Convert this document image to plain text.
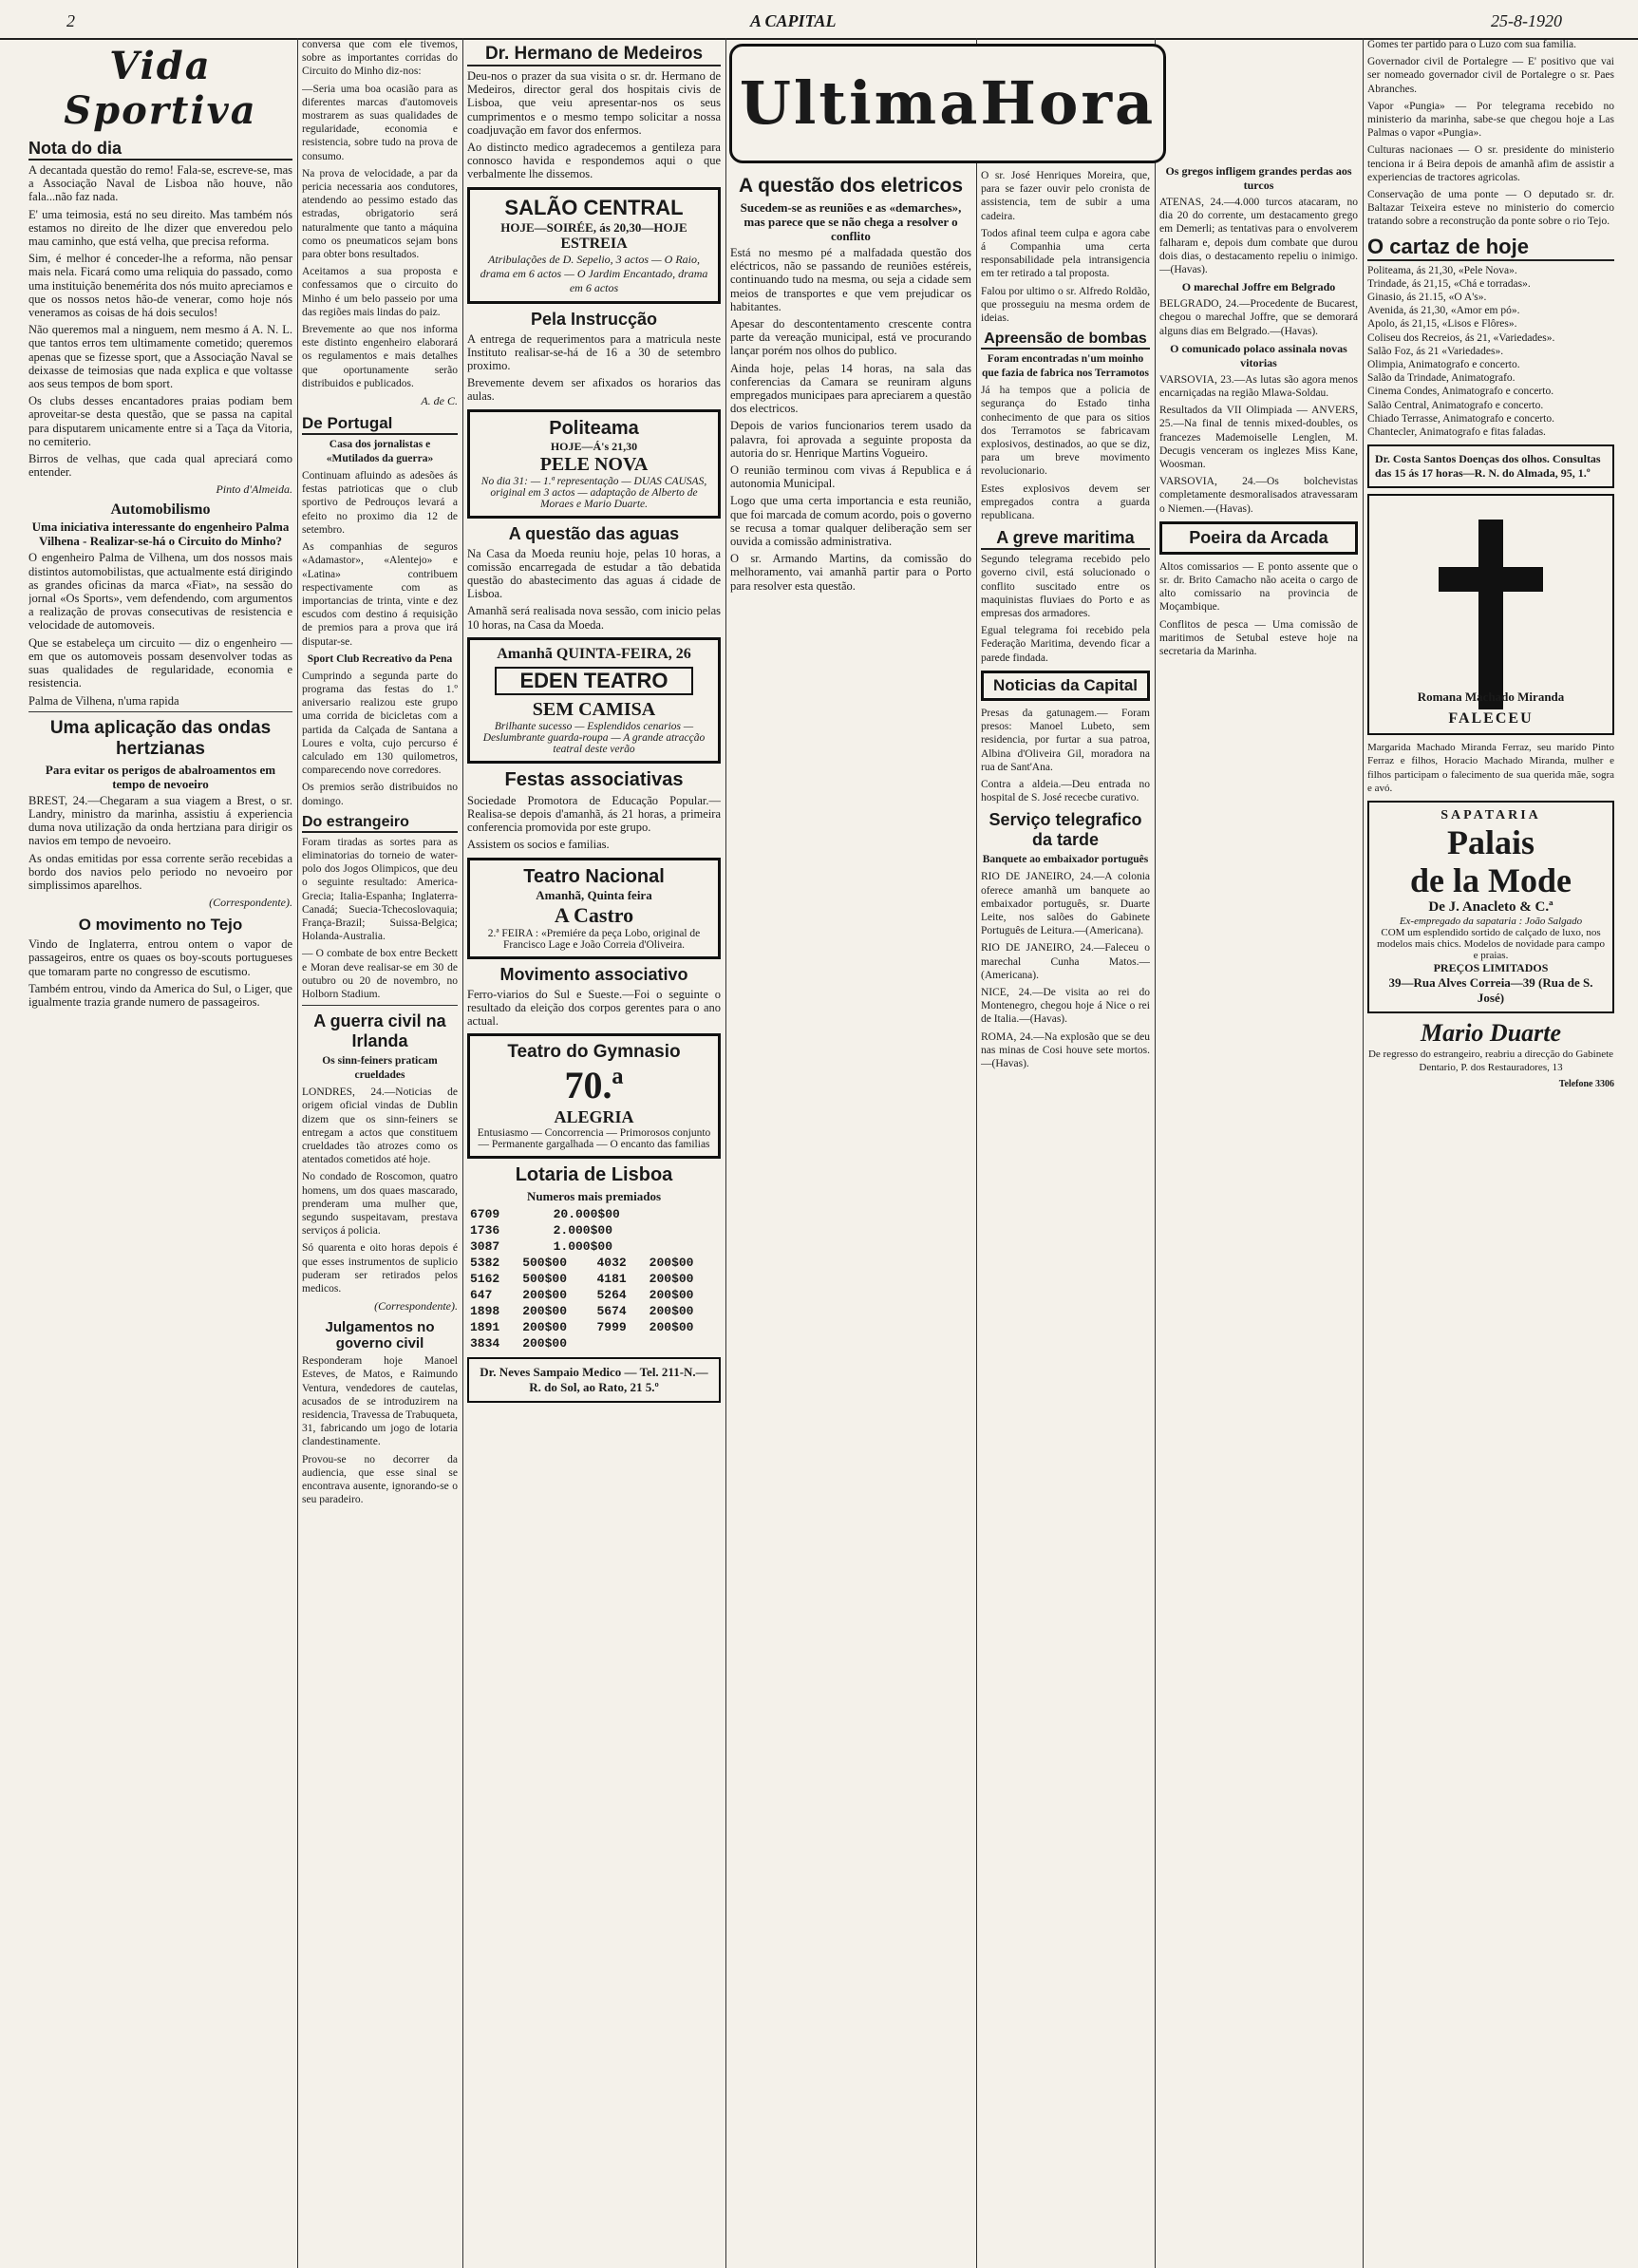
2	A CAPITAL	25-8-1920
Vida Sportiva
Nota do dia

A decantada questão do remo! Fala-se, escreve-se, mas a Associação Naval de Lisboa não houve, não fala...não faz nada.

E' uma teimosia, está no seu direito. Mas também nós estamos no direito de lhe dizer que enveredou pelo mau caminho, que está velha, que precisa reforma.

Sim, é melhor é conceder-lhe a reforma, não pensar mais nela. Ficará como uma reliquia do passado, como uma instituição benemérita dos nós muito apreciamos e que os nossos netos hão-de venerar, como hoje nós veneramos as coisas de há dois seculos!

Não queremos mal a ninguem, nem mesmo á A. N. L. que tantos erros tem ultimamente cometido; queremos apenas que se fizesse sport, que a Associação Naval se deixasse de teimosias que nada explica e que voltasse aos seus tempos de bom sport.

Os clubs desses encantadores praias podiam bem aproveitar-se desta questão, que se passa na capital para disputarem unicamente entre si a Taça da Vitoria, no cemiterio.

Birros de velhas, que cada qual apreciará como entender.

Pinto d'Almeida.
Automobilismo
Uma iniciativa interessante do engenheiro Palma Vilhena - Realizar-se-há o Circuito do Minho?

O engenheiro Palma de Vilhena, um dos nossos mais distintos automobilistas, que actualmente está dirigindo as grandes oficinas da marca «Fiat», na sessão do jornal «Os Sports», vem defendendo, com argumentos a realização de provas consecutivas de resistencia e velocidade de automoveis.

Que se estabeleça um circuito — diz o engenheiro — em que os automoveis possam desenvolver todas as suas qualidades de regularidade, economia e resistencia.

Palma de Vilhena, n'uma rapida

Uma aplicação das ondas hertzianas
Para evitar os perigos de abalroamentos em tempo de nevoeiro

BREST, 24.—Chegaram a sua viagem a Brest, o sr. Landry, ministro da marinha, assistiu á experiencia duma nova utilização da onda hertziana para dirigir os navios em tempo de nevoeiro.

As ondas emitidas por essa corrente serão recebidas a bordo dos navios pelo periodo no nevoeiro por simplissimos aparelhos.

(Correspondente).
O movimento no Tejo

Vindo de Inglaterra, entrou ontem o vapor de passageiros, entre os quaes os boy-scouts portugueses que tomaram parte no congresso de escutismo.

Também entrou, vindo da America do Sul, o Liger, que igualmente trazia grande numero de passageiros.

conversa que com ele tivemos, sobre as importantes corridas do Circuito do Minho diz-nos:

—Seria uma boa ocasião para as diferentes marcas d'automoveis mostrarem as suas qualidades de regularidade, economia e resistencia, sobre tudo na prova de consumo.

Na prova de velocidade, a par da pericia necessaria aos condutores, atendendo ao pessimo estado das estradas, obrigatorio será naturalmente que tanto a máquina como os pneumaticos sejam bons para obter bons resultados.

Aceitamos a sua proposta e confessamos que o circuito do Minho é um belo passeio por uma das regiões mais lindas do paiz.

Brevemente ao que nos informa este distinto engenheiro elaborará os regulamentos e mais detalhes que oportunamente serão distribuidos e publicados.

A. de C.
De Portugal
Casa dos jornalistas e «Mutilados da guerra»

Continuam afluindo as adesões ás festas patrioticas que o club sportivo de Pedrouços levará a efeito no proximo dia 12 de setembro.

As companhias de seguros «Adamastor», «Alentejo» e «Latina» contribuem respectivamente com as importancias de trinta, vinte e dez escudos com destino á requisição de premios para a prova que irá disputar-se.

Sport Club Recreativo da Pena

Cumprindo a segunda parte do programa das festas do 1.º aniversario realizou este grupo uma corrida de bicicletas com a partida da Calçada de Santana a Loures e volta, cujo percurso é calculado em 130 quilometros, comparecendo nove corredores.

Os premios serão distribuidos no domingo.

Do estrangeiro

Foram tiradas as sortes para as eliminatorias do torneio de water-polo dos Jogos Olimpicos, que deu o seguinte resultado: America-Grecia; Italia-Espanha; Inglaterra-Canadá; Suecia-Tchecoslovaquia; França-Brazil; Suissa-Belgica; Holanda-Australia.

— O combate de box entre Beckett e Moran deve realisar-se em 30 de outubro ou 20 de novembro, no Holborn Stadium.

A guerra civil na Irlanda
Os sinn-feiners praticam crueldades

LONDRES, 24.—Noticias de origem oficial vindas de Dublin dizem que os sinn-feiners se entregam a actos que constituem crueldades tão atrozes como os atentados cometidos até hoje.

No condado de Roscomon, quatro homens, um dos quaes mascarado, prenderam uma mulher que, segundo suspeitavam, prestava serviços á policia.

Só quarenta e oito horas depois é que esses instrumentos de suplicio puderam ser retirados pelos medicos.

(Correspondente).
Julgamentos no governo civil

Responderam hoje Manoel Esteves, de Matos, e Raimundo Ventura, vendedores de cautelas, acusados de se introduzirem na residencia, Travessa de Trabuqueta, 31, fabricando um jogo de lotaria clandestinamente.

Provou-se no decorrer da audiencia, que esse sinal se encontrava ausente, ignorando-se o seu paradeiro.

Dr. Hermano de Medeiros

Deu-nos o prazer da sua visita o sr. dr. Hermano de Medeiros, director geral dos hospitais civis de Lisboa, que veiu apresentar-nos os seus cumprimentos e o mesmo tempo solicitar a nossa coadjuvação em favor dos enfermos.

Ao distincto medico agradecemos a gentileza para connosco havida e respondemos aqui o que verbalmente lhe dissemos.

SALÃO CENTRAL
HOJE—SOIRÉE, ás 20,30—HOJE
ESTREIA
Atribulações de D. Sepelio, 3 actos — O Raio, drama em 6 actos — O Jardim Encantado, drama em 6 actos
Pela Instrucção

A entrega de requerimentos para a matricula neste Instituto realisar-se-há de 16 a 30 de setembro proximo.

Brevemente devem ser afixados os horarios das aulas.

Politeama
HOJE—Á's 21,30
PELE NOVA
No dia 31: — 1.ª representação — DUAS CAUSAS, original em 3 actos — adaptação de Alberto de Moraes e Mario Duarte.
A questão das aguas

Na Casa da Moeda reuniu hoje, pelas 10 horas, a comissão encarregada de estudar a tão debatida questão do abastecimento das aguas á cidade de Lisboa.

Amanhã será realisada nova sessão, com inicio pelas 10 horas, na Casa da Moeda.

Amanhã QUINTA-FEIRA, 26
EDEN TEATRO
SEM CAMISA
Brilhante sucesso — Esplendidos cenarios — Deslumbrante guarda-roupa — A grande atracção teatral deste verão
Festas associativas

Sociedade Promotora de Educação Popular.—Realisa-se depois d'amanhã, ás 21 horas, a primeira conferencia promovida por este grupo.

Assistem os socios e familias.

Teatro Nacional
Amanhã, Quinta feira
A Castro
2.ª FEIRA : «Premiére da peça Lobo, original de Francisco Lage e João Correia d'Oliveira.
Movimento associativo

Ferro-viarios do Sul e Sueste.—Foi o seguinte o resultado da eleição dos corpos gerentes para o ano actual.

Teatro do Gymnasio
70.ª
ALEGRIA
Entusiasmo — Concorrencia — Primorosos conjunto — Permanente gargalhada — O encanto das familias
Lotaria de Lisboa
Numeros mais premiados
6709	20.000$00
1736	2.000$00
3087	1.000$00
5382	500$00	4032	200$00
5162	500$00	4181	200$00
647	200$00	5264	200$00
1898	200$00	5674	200$00
1891	200$00	7999	200$00
3834	200$00		
Dr. Neves Sampaio Medico — Tel. 211-N.—R. do Sol, ao Rato, 21 5.º
UltimaHora
A questão dos eletricos
Sucedem-se as reuniões e as «demarches», mas parece que se não chega a resolver o conflito

Está no mesmo pé a malfadada questão dos eléctricos, não se passando de reuniões estéreis, continuando tudo na mesma, ou seja a cidade sem meios de transportes e que vem prejudicar os habitantes.

Apesar do descontentamento crescente contra parte da vereação municipal, está ve procurando lançar porém nos olhos do publico.

Ainda hoje, pelas 14 horas, na sala das conferencias da Camara se reuniram alguns empregados municipaes para apreciarem a questão dos electricos.

Depois de varios funcionarios terem usado da palavra, foi aprovada a seguinte proposta da autoria do sr. Henrique Martins Vogueiro.

O reunião terminou com vivas á Republica e á autonomia Municipal.

Logo que uma certa importancia e esta reunião, que foi marcada de comum acordo, pois o governo se recusa a tomar qualquer deliberação sem ser ouvida a comissão administrativa.

O sr. Armando Martins, da comissão do melhoramento, vai amanhã partir para o Porto para resolver esta questão.

O sr. José Henriques Moreira, que, para se fazer ouvir pelo cronista de assistencia, tem de subir a uma cadeira.

Todos afinal teem culpa e agora cabe á Companhia uma certa responsabilidade pela intransigencia em ter retirado a tal proposta.

Falou por ultimo o sr. Alfredo Roldão, que prosseguiu na mesma ordem de ideias.

Apreensão de bombas
Foram encontradas n'um moinho que fazia de fabrica nos Terramotos

Já ha tempos que a policia de segurança do Estado tinha conhecimento de que para os sitios dos Terramotos se fabricavam explosivos, destinados, ao que se diz, para um breve movimento revolucionario.

Estes explosivos devem ser empregados contra a guarda republicana.

A greve maritima

Segundo telegrama recebido pelo governo civil, está solucionado o conflito suscitado entre os maquinistas fluviaes do Porto e as empresas dos armadores.

Egual telegrama foi recebido pela Federação Maritima, devendo ficar a parede findada.

Noticias da Capital

Presas da gatunagem.— Foram presos: Manoel Lubeto, sem residencia, por furtar a sua patroa, Albina d'Oliveira Gil, moradora na rua de Sant'Ana.

Contra a aldeia.—Deu entrada no hospital de S. José rececbe curativo.

Serviço telegrafico da tarde
Banquete ao embaixador português

RIO DE JANEIRO, 24.—A colonia oferece amanhã um banquete ao embaixador português, sr. Duarte Leite, nos salões do Gabinete Português de Leitura.—(Americana).

RIO DE JANEIRO, 24.—Faleceu o marechal Cunha Matos.—(Americana).

NICE, 24.—De visita ao rei do Montenegro, chegou hoje á Nice o rei de Italia.—(Havas).

ROMA, 24.—Na explosão que se deu nas minas de Cosi houve sete mortos.—(Havas).

Os gregos infligem grandes perdas aos turcos

ATENAS, 24.—4.000 turcos atacaram, no dia 20 do corrente, um destacamento grego em Demerli; as tentativas para o envolverem falharam e, depois dum combate que durou dois dias, o destacamento repeliu o inimigo.—(Havas).

O marechal Joffre em Belgrado

BELGRADO, 24.—Procedente de Bucarest, chegou o marechal Joffre, que se demorará alguns dias em Belgrado.—(Havas).

O comunicado polaco assinala novas vitorias

VARSOVIA, 23.—As lutas são agora menos encarniçadas na região Mlawa-Soldau.

Resultados da VII Olimpiada — ANVERS, 25.—Na final de tennis mixed-doubles, os francezes Mademoiselle Lenglen, M. Decugis venceram os inglezes Miss Kane, Woosman.

VARSOVIA, 24.—Os bolchevistas completamente desmoralisados atravessaram o Niemen.—(Havas).

Poeira da Arcada

Altos comissarios — E ponto assente que o sr. dr. Brito Camacho não aceita o cargo de alto comissario na provincia de Moçambique.

Conflitos de pesca — Uma comissão de maritimos de Setubal esteve hoje na secretaria da Marinha.

Gomes ter partido para o Luzo com sua familia.

Governador civil de Portalegre — E' positivo que vai ser nomeado governador civil de Portalegre o sr. Paes Abranches.

Vapor «Pungia» — Por telegrama recebido no ministerio da marinha, sabe-se que chegou hoje a Las Palmas o vapor «Pungia».

Culturas nacionaes — O sr. presidente do ministerio tenciona ir á Beira depois de amanhã afim de assistir a experiencias de tractores agricolas.

Conservação de uma ponte — O deputado sr. dr. Baltazar Teixeira esteve no ministerio do comercio tratando sobre a reconstrução da ponte sobre o rio Tejo.

O cartaz de hoje

Politeama, ás 21,30, «Pele Nova».

Trindade, ás 21,15, «Chá e torradas».

Ginasio, ás 21.15, «O A's».

Avenida, ás 21,30, «Amor em pó».

Apolo, ás 21,15, «Lisos e Flôres».

Coliseu dos Recreios, ás 21, «Variedades».

Salão Foz, ás 21 «Variedades».

Olimpia, Animatografo e concerto.

Salão da Trindade, Animatografo.

Cinema Condes, Animatografo e concerto.

Salão Central, Animatografo e concerto.

Chiado Terrasse, Animatografo e concerto.

Chantecler, Animatografo e fitas faladas.

Dr. Costa Santos Doenças dos olhos. Consultas das 15 ás 17 horas—R. N. do Almada, 95, 1.º
Romana Machado Miranda
FALECEU

Margarida Machado Miranda Ferraz, seu marido Pinto Ferraz e filhos, Horacio Machado Miranda, mulher e filhos participam o falecimento de sua querida mãe, sogra e avó.

SAPATARIA
Palais
de la Mode
De J. Anacleto & C.ª
Ex-empregado da sapataria : João Salgado
COM um esplendido sortido de calçado de luxo, nos modelos mais chics. Modelos de novidade para campo e praias.
PREÇOS LIMITADOS
39—Rua Alves Correia—39 (Rua de S. José)
Mario Duarte

De regresso do estrangeiro, reabriu a direcção do Gabinete Dentario, P. dos Restauradores, 13

Telefone 3306
